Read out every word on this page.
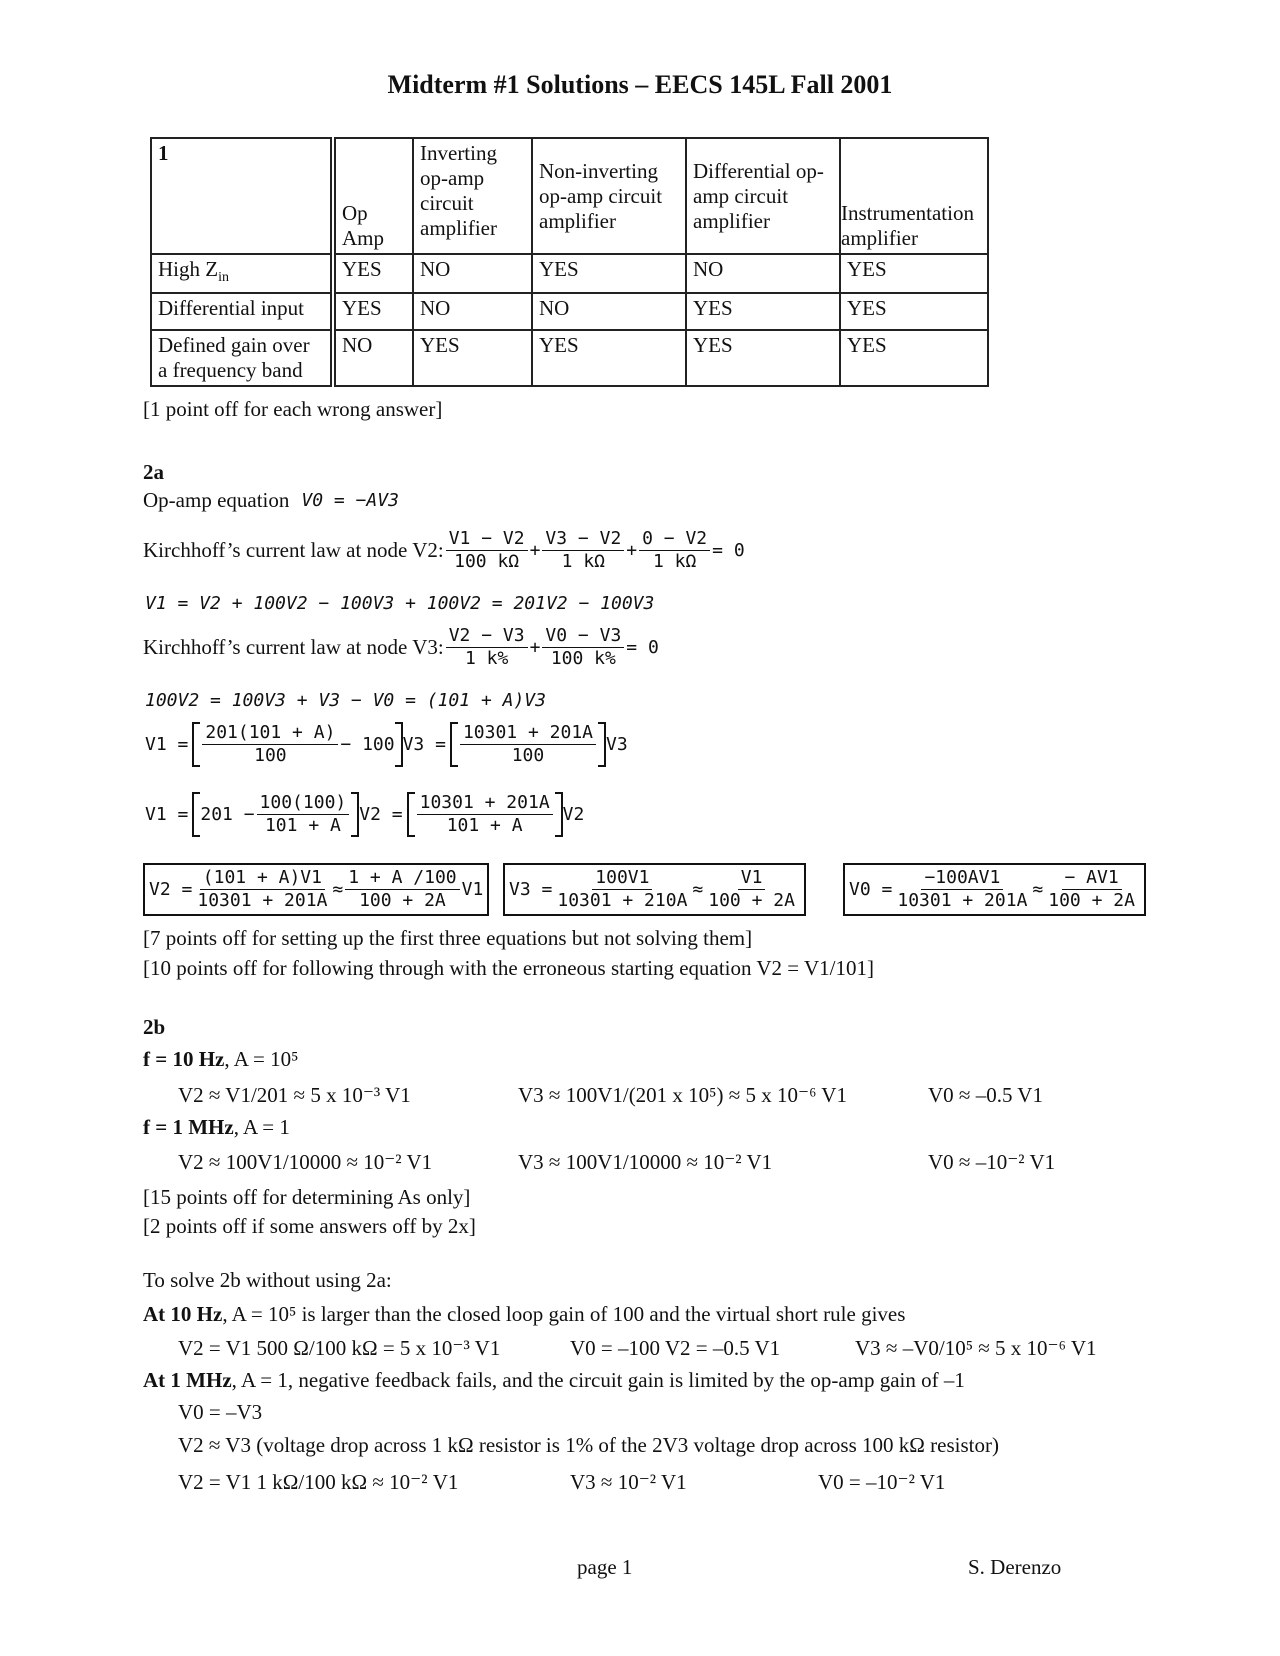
Midterm #1 Solutions – EECS 145L Fall 2001
1	Op Amp	Inverting op-amp circuit amplifier	Non-inverting op-amp circuit amplifier	Differential op-amp circuit amplifier	Instrumentation amplifier
High $Z_{in}$	YES	NO	YES	NO	YES
Differential input	YES	NO	NO	YES	YES
Defined gain over a frequency band	NO	YES	YES	YES	YES
[1 point off for each wrong answer]
2a
Op-amp equation V0 = −AV3
Kirchhoff’s current law at node V2: $\frac{V1 - V2}{100 k\Omega} + \frac{V3 - V2}{1 k\Omega} + \frac{0 - V2}{1 k\Omega} = 0$
V1 = V2 + 100V2 − 100V3 + 100V2 = 201V2 − 100V3
Kirchhoff’s current law at node V3: $\frac{V2 - V3}{1 k\%} + \frac{V0 - V3}{100 k\%} = 0$
100V2 = 100V3 + V3 − V0 = (101 + A)V3
$V1 = \frac{201(101 + A)}{100} - 100$ $V3 = \frac{10301 + 201A}{100} V3$
$V1 = 201 - \frac{100(100)}{101 + A} V2 = \frac{10301 + 201A}{101 + A} V2$
$V2 = \frac{(101 + A)V1}{10301 + 201A} \approx \frac{1 + A /100}{100 + 2A} V1$ $V3 = \frac{100V1}{10301 + 210A} \approx \frac{V1}{100 + 2A}$	$V0 = \frac{-100AV1}{10301 + 201A} \approx \frac{- AV1}{100 + 2A}$
[7 points off for setting up the first three equations but not solving them]
[10 points off for following through with the erroneous starting equation V2 = V1/101]
2b
f = 10 Hz, A = 10⁵
V2 ≈ V1/201 ≈ 5 x 10⁻³ V1	V3 ≈ 100V1/(201 x 10⁵) ≈ 5 x 10⁻⁶ V1	V0 ≈ –0.5 V1
f = 1 MHz, A = 1
V2 ≈ 100V1/10000 ≈ 10⁻² V1	V3 ≈ 100V1/10000 ≈ 10⁻² V1	V0 ≈ –10⁻² V1
[15 points off for determining As only]
[2 points off if some answers off by 2x]
To solve 2b without using 2a:
At 10 Hz, A = 10⁵ is larger than the closed loop gain of 100 and the virtual short rule gives
V2 = V1 500 Ω/100 kΩ = 5 x 10⁻³ V1	V0 = –100 V2 = –0.5 V1	V3 ≈ –V0/10⁵ ≈ 5 x 10⁻⁶ V1
At 1 MHz, A = 1, negative feedback fails, and the circuit gain is limited by the op-amp gain of –1
V0 = –V3
V2 ≈ V3 (voltage drop across 1 kΩ resistor is 1% of the 2V3 voltage drop across 100 kΩ resistor)
V2 = V1 1 kΩ/100 kΩ ≈ 10⁻² V1	V3 ≈ 10⁻² V1	V0 = –10⁻² V1
page 1	S. Derenzo
